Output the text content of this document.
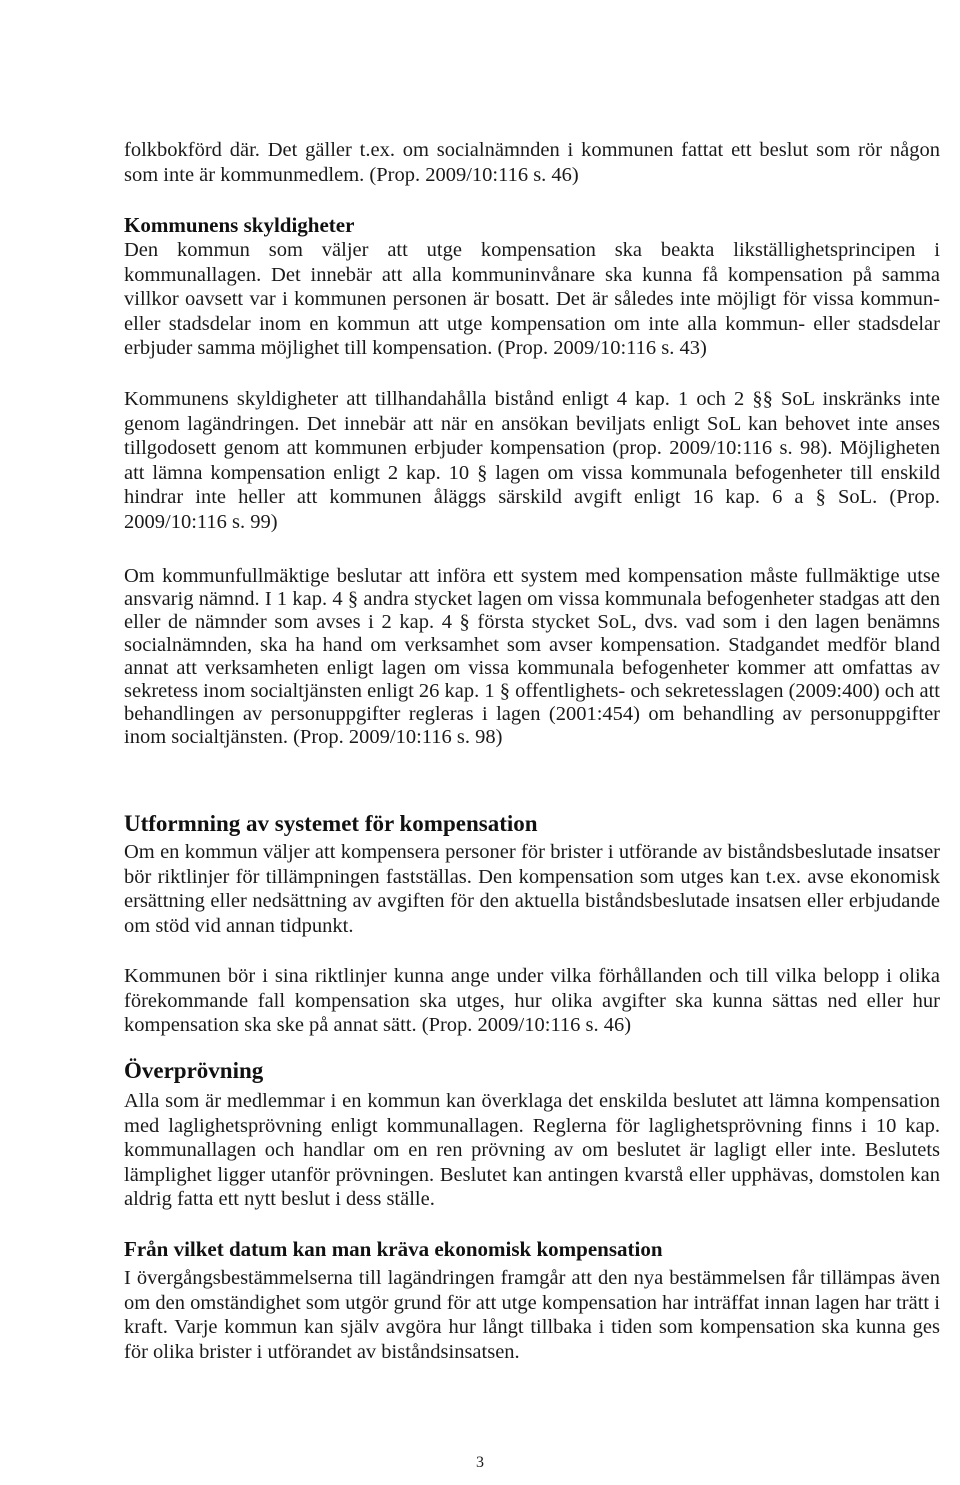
folkbokförd där. Det gäller t.ex. om socialnämnden i kommunen fattat ett beslut som rör någon som inte är kommunmedlem. (Prop. 2009/10:116 s. 46)

Kommunens skyldigheter

Den kommun som väljer att utge kompensation ska beakta likställighetsprincipen i kommunallagen. Det innebär att alla kommuninvånare ska kunna få kompensation på samma villkor oavsett var i kommunen personen är bosatt. Det är således inte möjligt för vissa kommun- eller stadsdelar inom en kommun att utge kompensation om inte alla kommun- eller stadsdelar erbjuder samma möjlighet till kompensation. (Prop. 2009/10:116 s. 43)

Kommunens skyldigheter att tillhandahålla bistånd enligt 4 kap. 1 och 2 §§ SoL inskränks inte genom lagändringen. Det innebär att när en ansökan beviljats enligt SoL kan behovet inte anses tillgodosett genom att kommunen erbjuder kompensation (prop. 2009/10:116 s. 98). Möjligheten att lämna kompensation enligt 2 kap. 10 § lagen om vissa kommunala befogenheter till enskild hindrar inte heller att kommunen åläggs särskild avgift enligt 16 kap. 6 a § SoL. (Prop. 2009/10:116 s. 99)

Om kommunfullmäktige beslutar att införa ett system med kompensation måste fullmäktige utse ansvarig nämnd. I 1 kap. 4 § andra stycket lagen om vissa kommunala befogenheter stadgas att den eller de nämnder som avses i 2 kap. 4 § första stycket SoL, dvs. vad som i den lagen benämns socialnämnden, ska ha hand om verksamhet som avser kompensation. Stadgandet medför bland annat att verksamheten enligt lagen om vissa kommunala befogenheter kommer att omfattas av sekretess inom socialtjänsten enligt 26 kap. 1 § offentlighets- och sekretesslagen (2009:400) och att behandlingen av personuppgifter regleras i lagen (2001:454) om behandling av personuppgifter inom socialtjänsten. (Prop. 2009/10:116 s. 98)

Utformning av systemet för kompensation

Om en kommun väljer att kompensera personer för brister i utförande av biståndsbeslutade insatser bör riktlinjer för tillämpningen fastställas. Den kompensation som utges kan t.ex. avse ekonomisk ersättning eller nedsättning av avgiften för den aktuella biståndsbeslutade insatsen eller erbjudande om stöd vid annan tidpunkt.

Kommunen bör i sina riktlinjer kunna ange under vilka förhållanden och till vilka belopp i olika förekommande fall kompensation ska utges, hur olika avgifter ska kunna sättas ned eller hur kompensation ska ske på annat sätt. (Prop. 2009/10:116 s. 46)

Överprövning

Alla som är medlemmar i en kommun kan överklaga det enskilda beslutet att lämna kompensation med laglighetsprövning enligt kommunallagen. Reglerna för laglighetsprövning finns i 10 kap. kommunallagen och handlar om en ren prövning av om beslutet är lagligt eller inte. Beslutets lämplighet ligger utanför prövningen. Beslutet kan antingen kvarstå eller upphävas, domstolen kan aldrig fatta ett nytt beslut i dess ställe.

Från vilket datum kan man kräva ekonomisk kompensation

I övergångsbestämmelserna till lagändringen framgår att den nya bestämmelsen får tillämpas även om den omständighet som utgör grund för att utge kompensation har inträffat innan lagen har trätt i kraft. Varje kommun kan själv avgöra hur långt tillbaka i tiden som kompensation ska kunna ges för olika brister i utförandet av biståndsinsatsen.

3
